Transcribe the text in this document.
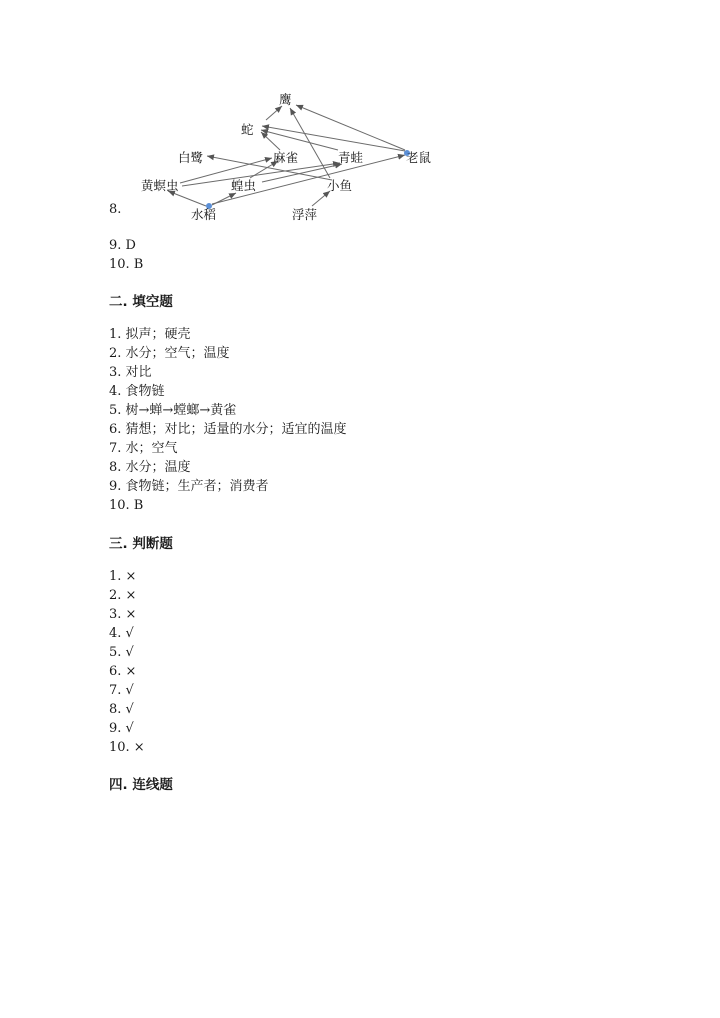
鹰
蛇
白鹭	麻雀	青蛙	老鼠
黄螟虫	蝗虫	小鱼
水稻	浮萍
8.
9. D
10. B
二. 填空题
1. 拟声；硬壳
2. 水分；空气；温度
3. 对比
4. 食物链
5. 树→蝉→螳螂→黄雀
6. 猜想；对比；适量的水分；适宜的温度
7. 水；空气
8. 水分；温度
9. 食物链；生产者；消费者
10. B
三. 判断题
1. ×
2. ×
3. ×
4. √
5. √
6. ×
7. √
8. √
9. √
10. ×
四. 连线题
